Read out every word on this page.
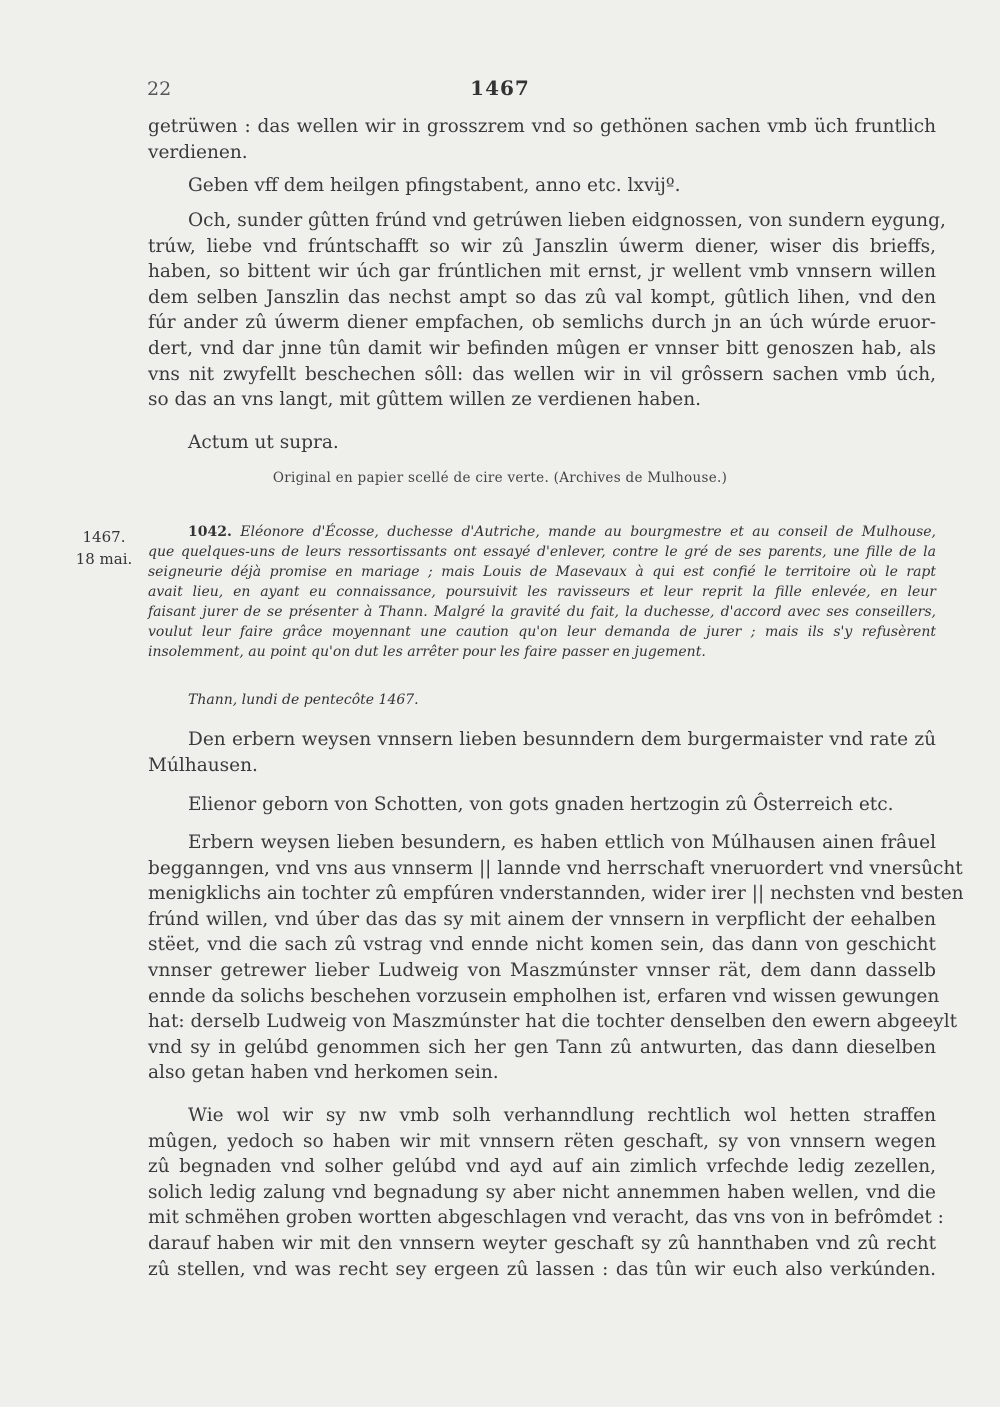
22	1467
getrüwen : das wellen wir in grosszrem vnd so gethönen sachen vmb üch fruntlich
verdienen.
Geben vff dem heilgen pfingstabent, anno etc. lxvijº.
Och, sunder gûtten frúnd vnd getrúwen lieben eidgnossen, von sundern eygung,
trúw, liebe vnd frúntschafft so wir zû Janszlin úwerm diener, wiser dis brieffs,
haben, so bittent wir úch gar frúntlichen mit ernst, jr wellent vmb vnnsern willen
dem selben Janszlin das nechst ampt so das zû val kompt, gûtlich lihen, vnd den
fúr ander zû úwerm diener empfachen, ob semlichs durch jn an úch wúrde eruor-
dert, vnd dar jnne tûn damit wir befinden mûgen er vnnser bitt genoszen hab, als
vns nit zwyfellt beschechen sôll: das wellen wir in vil grôssern sachen vmb úch,
so das an vns langt, mit gûttem willen ze verdienen haben.
Actum ut supra.
Original en papier scellé de cire verte. (Archives de Mulhouse.)
1467.
18 mai.
1042. Eléonore d'Écosse, duchesse d'Autriche, mande au bourgmestre et au conseil de Mulhouse,
que quelques-uns de leurs ressortissants ont essayé d'enlever, contre le gré de ses parents, une fille de la
seigneurie déjà promise en mariage ; mais Louis de Masevaux à qui est confié le territoire où le rapt
avait lieu, en ayant eu connaissance, poursuivit les ravisseurs et leur reprit la fille enlevée, en leur
faisant jurer de se présenter à Thann. Malgré la gravité du fait, la duchesse, d'accord avec ses conseillers,
voulut leur faire grâce moyennant une caution qu'on leur demanda de jurer ; mais ils s'y refusèrent
insolemment, au point qu'on dut les arrêter pour les faire passer en jugement.
Thann, lundi de pentecôte 1467.
Den erbern weysen vnnsern lieben besunndern dem burgermaister vnd rate zû
Múlhausen.
Elienor geborn von Schotten, von gots gnaden hertzogin zû Ôsterreich etc.
Erbern weysen lieben besundern, es haben ettlich von Múlhausen ainen frâuel
begganngen, vnd vns aus vnnserm || lannde vnd herrschaft vneruordert vnd vnersûcht
menigklichs ain tochter zû empfúren vnderstannden, wider irer || nechsten vnd besten
frúnd willen, vnd úber das das sy mit ainem der vnnsern in verpflicht der eehalben
stëet, vnd die sach zû vstrag vnd ennde nicht komen sein, das dann von geschicht
vnnser getrewer lieber Ludweig von Maszmúnster vnnser rät, dem dann dasselb
ennde da solichs beschehen vorzusein empholhen ist, erfaren vnd wissen gewungen
hat: derselb Ludweig von Maszmúnster hat die tochter denselben den ewern abgeeylt
vnd sy in gelúbd genommen sich her gen Tann zû antwurten, das dann dieselben
also getan haben vnd herkomen sein.
Wie wol wir sy nw vmb solh verhanndlung rechtlich wol hetten straffen
mûgen, yedoch so haben wir mit vnnsern rëten geschaft, sy von vnnsern wegen
zû begnaden vnd solher gelúbd vnd ayd auf ain zimlich vrfechde ledig zezellen,
solich ledig zalung vnd begnadung sy aber nicht annemmen haben wellen, vnd die
mit schmëhen groben wortten abgeschlagen vnd veracht, das vns von in befrômdet :
darauf haben wir mit den vnnsern weyter geschaft sy zû hannthaben vnd zû recht
zû stellen, vnd was recht sey ergeen zû lassen : das tûn wir euch also verkúnden.
